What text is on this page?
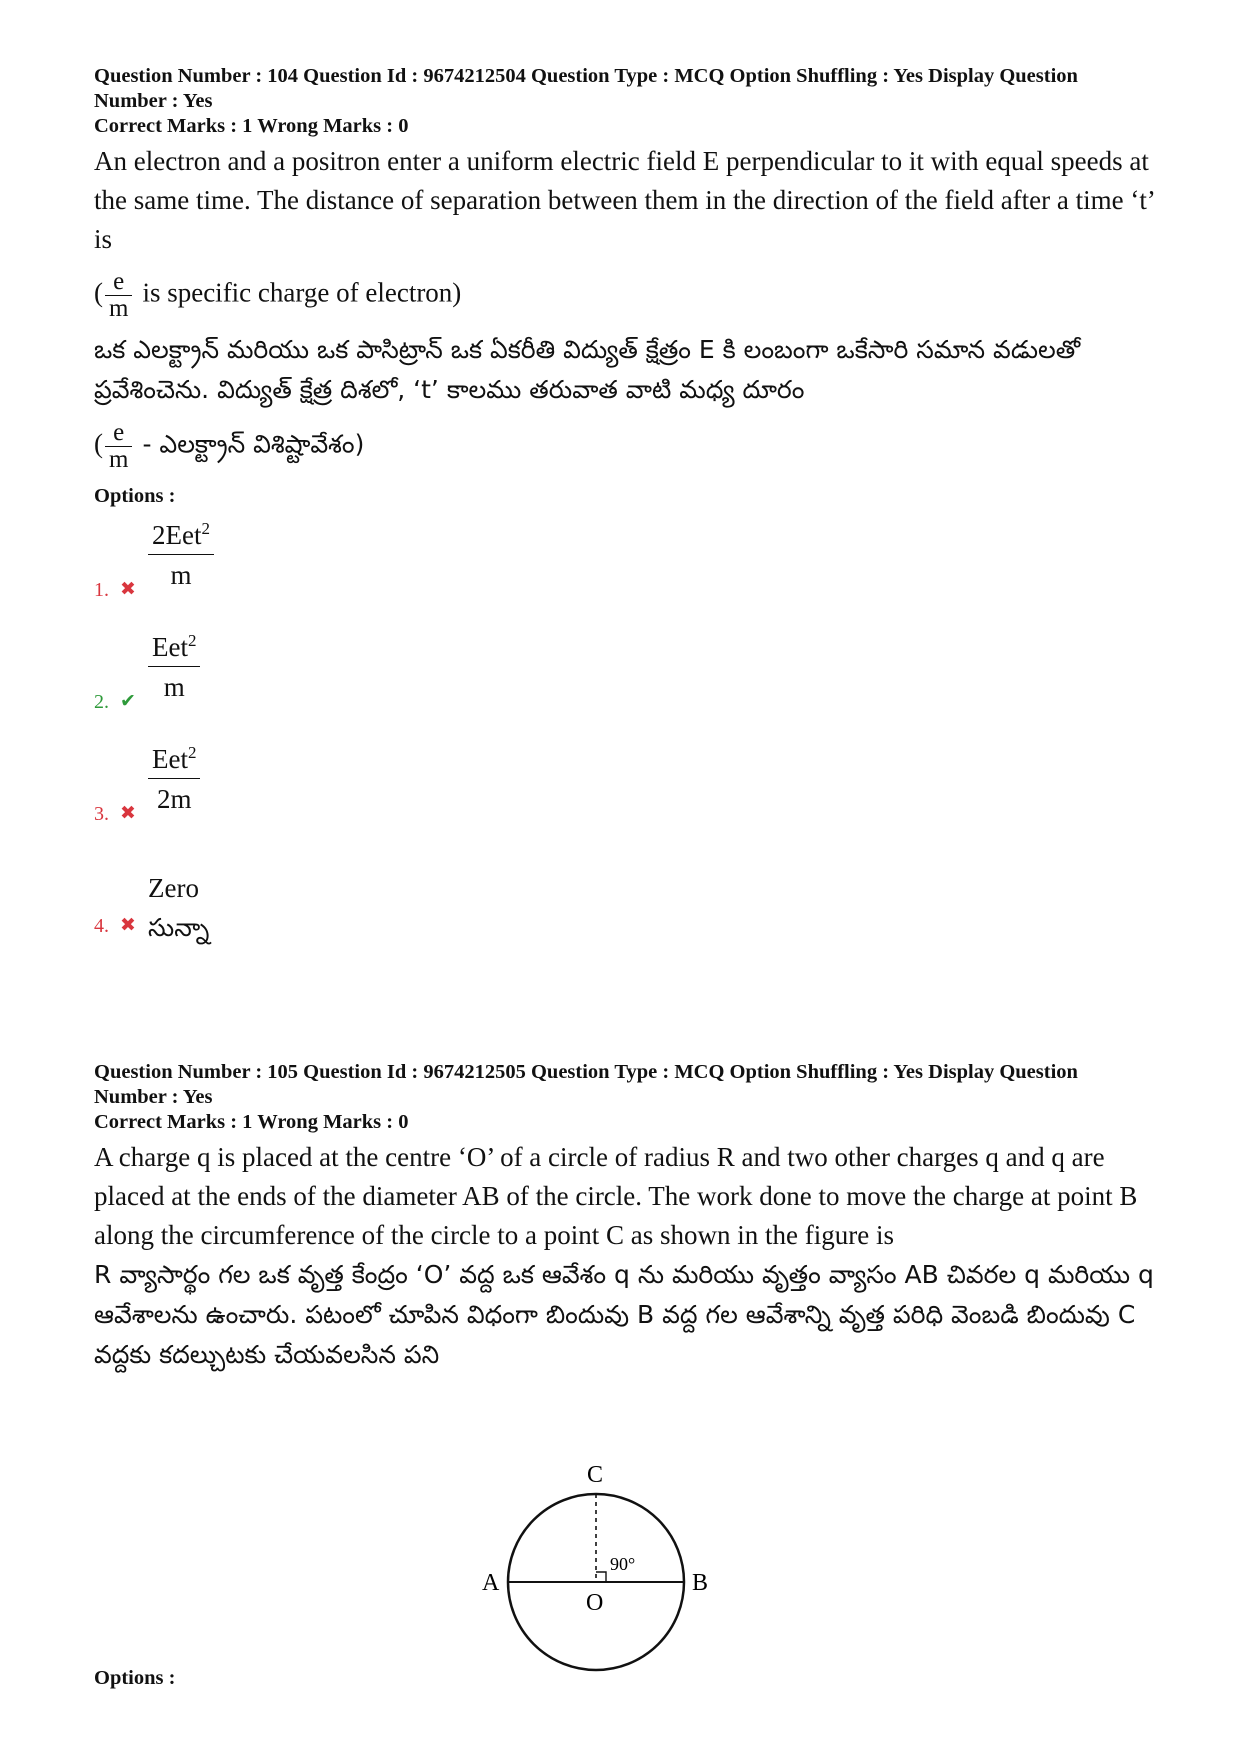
Question Number : 104 Question Id : 9674212504 Question Type : MCQ Option Shuffling : Yes Display Question
Number : Yes
Correct Marks : 1 Wrong Marks : 0
An electron and a positron enter a uniform electric field E perpendicular to it with equal speeds at the same time. The distance of separation between them in the direction of the field after a time ‘t’ is
( $\frac{e}{m}$ is specific charge of electron)
ఒక ఎలక్ట్రాన్ మరియు ఒక పాసిట్రాన్ ఒక ఏకరీతి విద్యుత్ క్షేత్రం E కి లంబంగా ఒకేసారి సమాన వడులతో ప్రవేశించెను. విద్యుత్ క్షేత్ర దిశలో, ‘t’ కాలము తరువాత వాటి మధ్య దూరం
( $\frac{e}{m}$ - ఎలక్ట్రాన్ విశిష్టావేశం)
Options :
1. ✖
2Eet$^2$
m
2. ✔
Eet$^2$
m
3. ✖
Eet$^2$
2m
4. ✖
Zero
సున్నా
Question Number : 105 Question Id : 9674212505 Question Type : MCQ Option Shuffling : Yes Display Question
Number : Yes
Correct Marks : 1 Wrong Marks : 0
A charge q is placed at the centre ‘O’ of a circle of radius R and two other charges q and q are placed at the ends of the diameter AB of the circle. The work done to move the charge at point B along the circumference of the circle to a point C as shown in the figure is
R వ్యాసార్థం గల ఒక వృత్త కేంద్రం ‘O’ వద్ద ఒక ఆవేశం q ను మరియు వృత్తం వ్యాసం AB చివరల q మరియు q ఆవేశాలను ఉంచారు. పటంలో చూపిన విధంగా బిందువు B వద్ద గల ఆవేశాన్ని వృత్త పరిధి వెంబడి బిందువు C వద్దకు కదల్చుటకు చేయవలసిన పని
C
A	B
O
90°
Options :
